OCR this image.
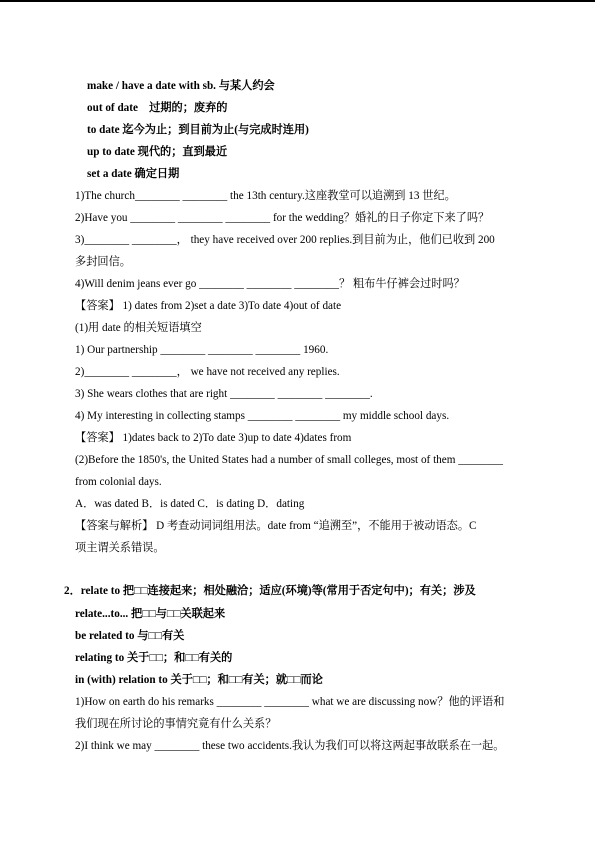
make / have a date with sb. 与某人约会
out of date　过期的；废弃的
to date 迄今为止；到目前为止(与完成时连用)
up to date 现代的；直到最近
set a date 确定日期
1)The church________ ________ the 13th century.这座教堂可以追溯到 13 世纪。
2)Have you ________ ________ ________ for the wedding？婚礼的日子你定下来了吗？
3)________ ________， they have received over 200 replies.到目前为止，他们已收到 200
多封回信。
4)Will denim jeans ever go ________ ________ ________？ 粗布牛仔裤会过时吗？
【答案】 1) dates from 2)set a date 3)To date 4)out of date
(1)用 date 的相关短语填空
1) Our partnership ________ ________ ________ 1960.
2)________ ________， we have not received any replies.
3) She wears clothes that are right ________ ________ ________.
4) My interesting in collecting stamps ________ ________ my middle school days.
【答案】 1)dates back to 2)To date 3)up to date 4)dates from
(2)Before the 1850's, the United States had a number of small colleges, most of them ________
from colonial days.
A．was dated B．is dated C．is dating D．dating
【答案与解析】 D 考查动词词组用法。date from “追溯至”，不能用于被动语态。C
项主谓关系错误。
2．relate to 把□□连接起来；相处融洽；适应(环境)等(常用于否定句中)；有关；涉及
relate...to... 把□□与□□关联起来
be related to 与□□有关
relating to 关于□□；和□□有关的
in (with) relation to 关于□□；和□□有关；就□□而论
1)How on earth do his remarks ________ ________ what we are discussing now？他的评语和
我们现在所讨论的事情究竟有什么关系？
2)I think we may ________ these two accidents.我认为我们可以将这两起事故联系在一起。
